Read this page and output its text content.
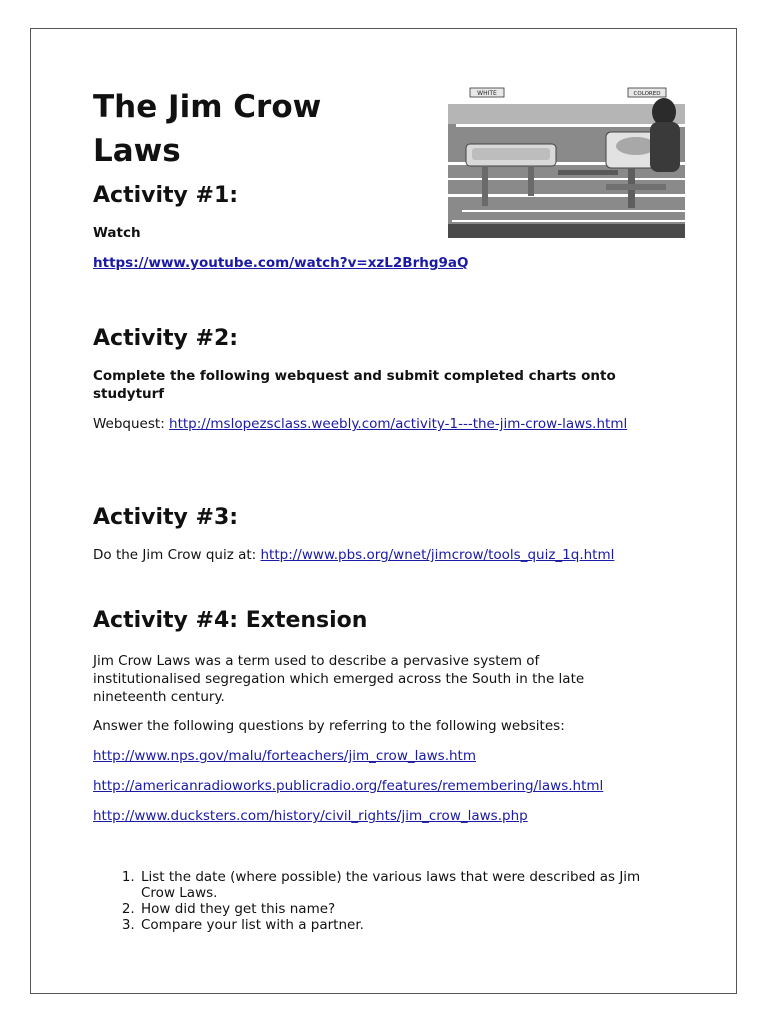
The Jim Crow Laws
WHITE	COLORED
Activity #1:
Watch
https://www.youtube.com/watch?v=xzL2Brhg9aQ
Activity #2:
Complete the following webquest and submit completed charts onto studyturf
Webquest: http://mslopezsclass.weebly.com/activity-1---the-jim-crow-laws.html
Activity #3:
Do the Jim Crow quiz at: http://www.pbs.org/wnet/jimcrow/tools_quiz_1q.html
Activity #4: Extension
Jim Crow Laws was a term used to describe a pervasive system of institutionalised segregation which emerged across the South in the late nineteenth century.
Answer the following questions by referring to the following websites:
http://www.nps.gov/malu/forteachers/jim_crow_laws.htm
http://americanradioworks.publicradio.org/features/remembering/laws.html
http://www.ducksters.com/history/civil_rights/jim_crow_laws.php
1. List the date (where possible) the various laws that were described as Jim Crow Laws.
2. How did they get this name?
3. Compare your list with a partner.
